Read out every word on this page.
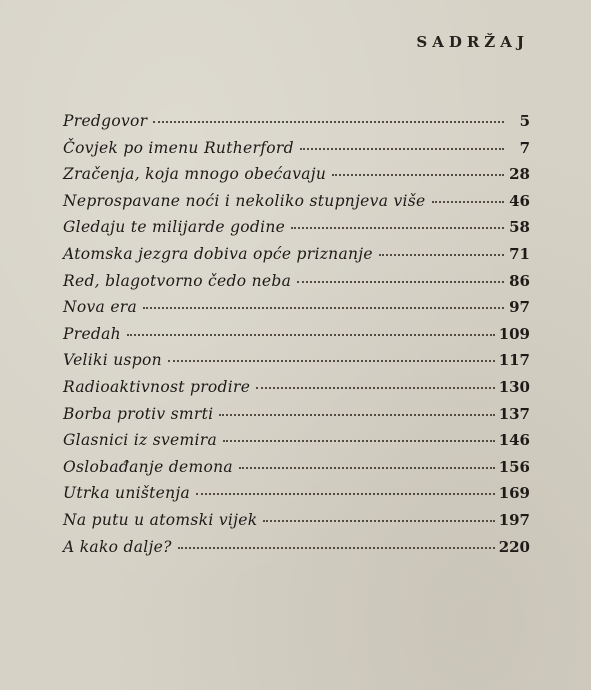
SADRŽAJ
Predgovor	5
Čovjek po imenu Rutherford	7
Zračenja, koja mnogo obećavaju	28
Neprospavane noći i nekoliko stupnjeva više	46
Gledaju te milijarde godine	58
Atomska jezgra dobiva opće priznanje	71
Red, blagotvorno čedo neba	86
Nova era	97
Predah	109
Veliki uspon	117
Radioaktivnost prodire	130
Borba protiv smrti	137
Glasnici iz svemira	146
Oslobađanje demona	156
Utrka uništenja	169
Na putu u atomski vijek	197
A kako dalje?	220
